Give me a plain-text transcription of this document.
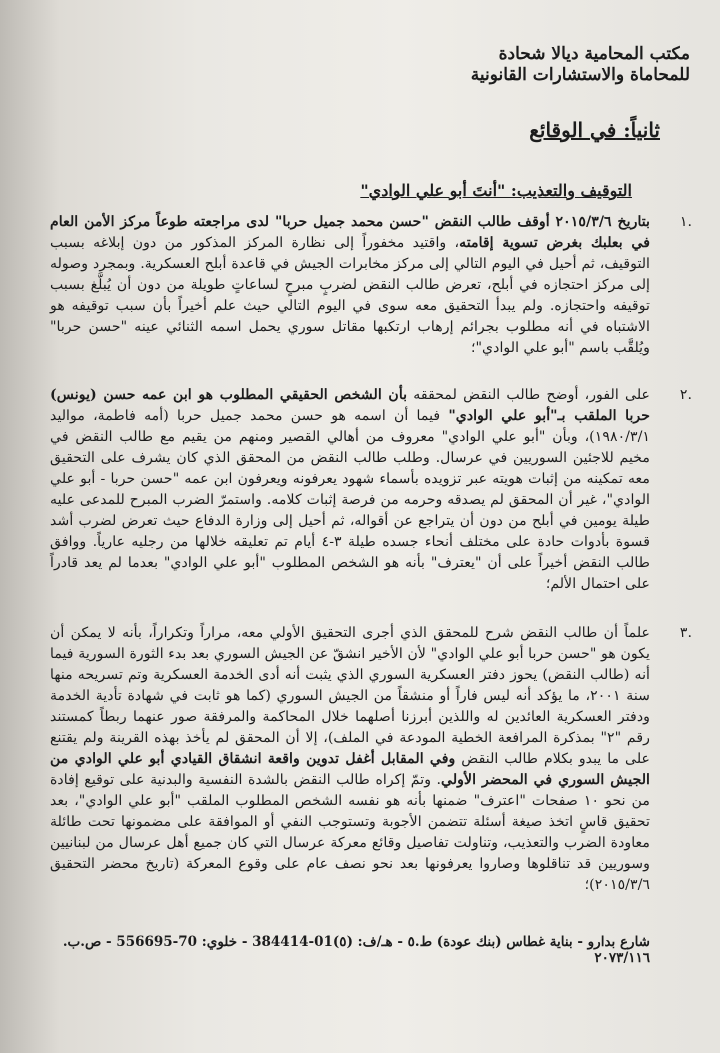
مكتب المحامية ديالا شحادة
للمحاماة والاستشارات القانونية
ثانياً: في الوقائع
التوقيف والتعذيب: "أنتَ أبو علي الوادي"
.١
بتاريخ ٢٠١٥/٣/٦ أوقف طالب النقض "حسن محمد جميل حربا" لدى مراجعته طوعاً مركز الأمن العام في بعلبك بغرض تسوية إقامته، واقتيد مخفوراً إلى نظارة المركز المذكور من دون إبلاغه بسبب التوقيف، ثم أحيل في اليوم التالي إلى مركز مخابرات الجيش في قاعدة أبلح العسكرية. وبمجرد وصوله إلى مركز احتجازه في أبلح، تعرض طالب النقض لضربٍ مبرحٍ لساعاتٍ طويلة من دون أن يُبلَّغ بسبب توقيفه واحتجازه. ولم يبدأ التحقيق معه سوى في اليوم التالي حيث علم أخيراً بأن سبب توقيفه هو الاشتباه في أنه مطلوب بجرائم إرهاب ارتكبها مقاتل سوري يحمل اسمه الثنائي عينه "حسن حربا" ويُلقَّب باسم "أبو علي الوادي"؛
.٢
على الفور، أوضح طالب النقض لمحققه بأن الشخص الحقيقي المطلوب هو ابن عمه حسن (يونس) حربا الملقب بـ"أبو علي الوادي" فيما أن اسمه هو حسن محمد جميل حربا (أمه فاطمة، مواليد ١٩٨٠/٣/١)، وبأن "أبو علي الوادي" معروف من أهالي القصير ومنهم من يقيم مع طالب النقض في مخيم للاجئين السوريين في عرسال. وطلب طالب النقض من المحقق الذي كان يشرف على التحقيق معه تمكينه من إثبات هويته عبر تزويده بأسماء شهود يعرفونه ويعرفون ابن عمه "حسن حربا - أبو علي الوادي"، غير أن المحقق لم يصدقه وحرمه من فرصة إثبات كلامه. واستمرّ الضرب المبرح للمدعى عليه طيلة يومين في أبلح من دون أن يتراجع عن أقواله، ثم أحيل إلى وزارة الدفاع حيث تعرض لضرب أشد قسوة بأدوات حادة على مختلف أنحاء جسده طيلة ٣-٤ أيام تم تعليقه خلالها من رجليه عارياً. ووافق طالب النقض أخيراً على أن "يعترف" بأنه هو الشخص المطلوب "أبو علي الوادي" بعدما لم يعد قادراً على احتمال الألم؛
.٣
علماً أن طالب النقض شرح للمحقق الذي أجرى التحقيق الأولي معه، مراراً وتكراراً، بأنه لا يمكن أن يكون هو "حسن حربا أبو علي الوادي" لأن الأخير انشقّ عن الجيش السوري بعد بدء الثورة السورية فيما أنه (طالب النقض) يحوز دفتر العسكرية السوري الذي يثبت أنه أدى الخدمة العسكرية وتم تسريحه منها سنة ٢٠٠١، ما يؤكد أنه ليس فاراً أو منشقاً من الجيش السوري (كما هو ثابت في شهادة تأدية الخدمة ودفتر العسكرية العائدين له واللذين أبرزنا أصلهما خلال المحاكمة والمرفقة صور عنهما ربطاً كمستند رقم "٢" بمذكرة المرافعة الخطية المودعة في الملف)، إلا أن المحقق لم يأخذ بهذه القرينة ولم يقتنع على ما يبدو بكلام طالب النقض وفي المقابل أغفل تدوين واقعة انشقاق القيادي أبو علي الوادي من الجيش السوري في المحضر الأولي. وتمّ إكراه طالب النقض بالشدة النفسية والبدنية على توقيع إفادة من نحو ١٠ صفحات "اعترف" ضمنها بأنه هو نفسه الشخص المطلوب الملقب "أبو علي الوادي"، بعد تحقيق قاسٍ اتخذ صيغة أسئلة تتضمن الأجوبة وتستوجب النفي أو الموافقة على مضمونها تحت طائلة معاودة الضرب والتعذيب، وتناولت تفاصيل وقائع معركة عرسال التي كان جميع أهل عرسال من لبنانيين وسوريين قد تناقلوها وصاروا يعرفونها بعد نحو نصف عام على وقوع المعركة (تاريخ محضر التحقيق ٢٠١٥/٣/٦)؛
شارع بدارو - بناية غطاس (بنك عودة) ط.٥ - هـ/ف: (٥)01-384414 - خلوي: 70-556695 - ص.ب. ٢٠٧٣/١١٦
